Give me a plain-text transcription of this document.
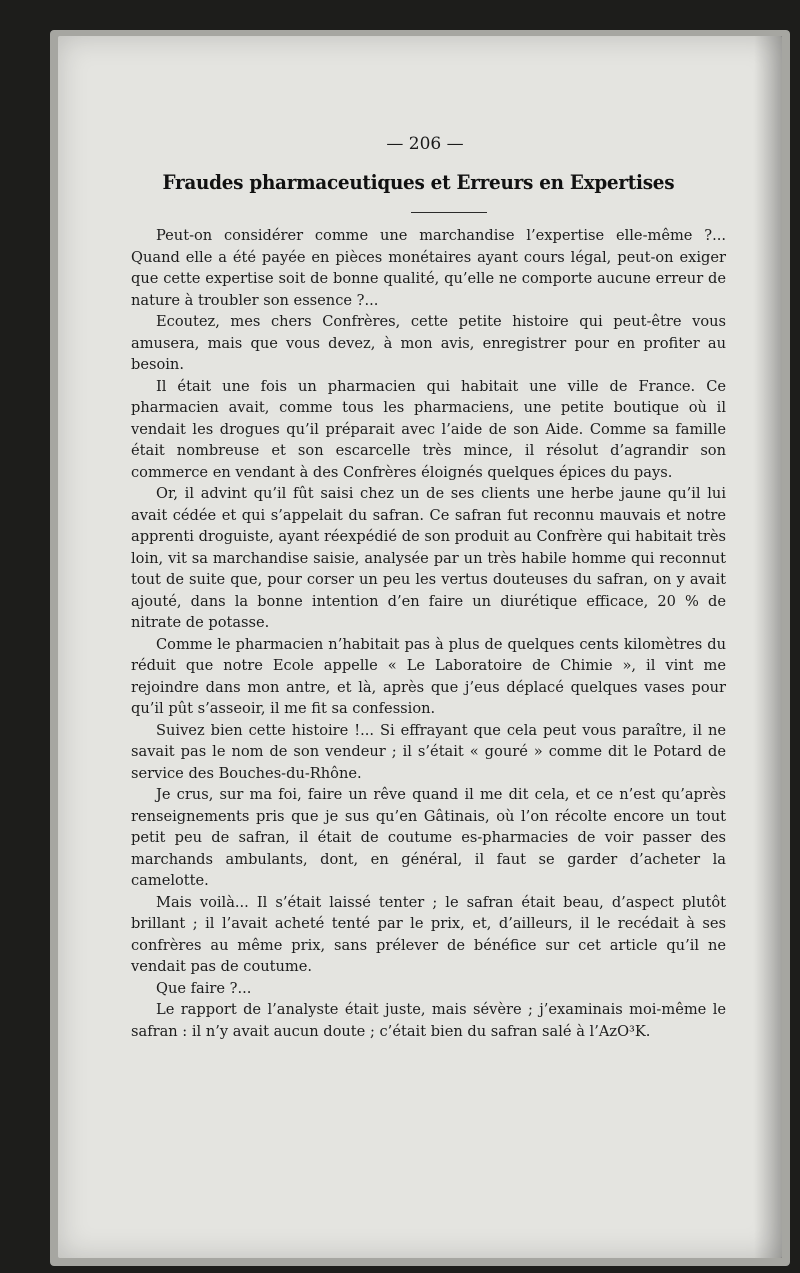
— 206 —
Fraudes pharmaceutiques et Erreurs en Expertises

Peut-on considérer comme une marchandise l’expertise elle-même ?... Quand elle a été payée en pièces monétaires ayant cours légal, peut-on exiger que cette expertise soit de bonne qualité, qu’elle ne comporte aucune erreur de nature à troubler son essence ?...

Ecoutez, mes chers Confrères, cette petite histoire qui peut-être vous amusera, mais que vous devez, à mon avis, enregistrer pour en profiter au besoin.

Il était une fois un pharmacien qui habitait une ville de France. Ce pharmacien avait, comme tous les pharmaciens, une petite boutique où il vendait les drogues qu’il préparait avec l’aide de son Aide. Comme sa famille était nombreuse et son escarcelle très mince, il résolut d’agrandir son commerce en vendant à des Confrères éloignés quelques épices du pays.

Or, il advint qu’il fût saisi chez un de ses clients une herbe jaune qu’il lui avait cédée et qui s’appelait du safran. Ce safran fut reconnu mauvais et notre apprenti droguiste, ayant réexpédié de son produit au Confrère qui habitait très loin, vit sa marchandise saisie, analysée par un très habile homme qui reconnut tout de suite que, pour corser un peu les vertus douteuses du safran, on y avait ajouté, dans la bonne intention d’en faire un diurétique efficace, 20 % de nitrate de potasse.

Comme le pharmacien n’habitait pas à plus de quelques cents kilomètres du réduit que notre Ecole appelle « Le Laboratoire de Chimie », il vint me rejoindre dans mon antre, et là, après que j’eus déplacé quelques vases pour qu’il pût s’asseoir, il me fit sa confession.

Suivez bien cette histoire !... Si effrayant que cela peut vous paraître, il ne savait pas le nom de son vendeur ; il s’était « gouré » comme dit le Potard de service des Bouches-du-Rhône.

Je crus, sur ma foi, faire un rêve quand il me dit cela, et ce n’est qu’après renseignements pris que je sus qu’en Gâtinais, où l’on récolte encore un tout petit peu de safran, il était de coutume es-pharmacies de voir passer des marchands ambulants, dont, en général, il faut se garder d’acheter la camelotte.

Mais voilà... Il s’était laissé tenter ; le safran était beau, d’aspect plutôt brillant ; il l’avait acheté tenté par le prix, et, d’ailleurs, il le recédait à ses confrères au même prix, sans prélever de bénéfice sur cet article qu’il ne vendait pas de coutume.

Que faire ?...

Le rapport de l’analyste était juste, mais sévère ; j’examinais moi-même le safran : il n’y avait aucun doute ; c’était bien du safran salé à l’AzO³K.
